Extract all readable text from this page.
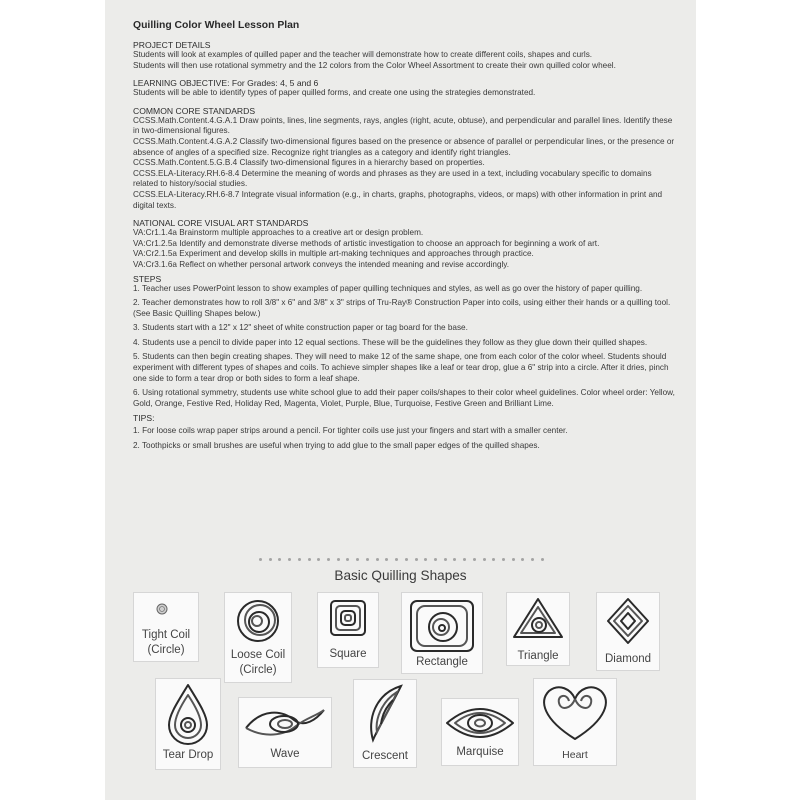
Quilling Color Wheel Lesson Plan
PROJECT DETAILS
Students will look at examples of quilled paper and the teacher will demonstrate how to create different coils, shapes and curls.
Students will then use rotational symmetry and the 12 colors from the Color Wheel Assortment to create their own quilled color wheel.
LEARNING OBJECTIVE: For Grades: 4, 5 and 6
Students will be able to identify types of paper quilled forms, and create one using the strategies demonstrated.
COMMON CORE STANDARDS
CCSS.Math.Content.4.G.A.1 Draw points, lines, line segments, rays, angles (right, acute, obtuse), and perpendicular and parallel lines. Identify these in two-dimensional figures.
CCSS.Math.Content.4.G.A.2 Classify two-dimensional figures based on the presence or absence of parallel or perpendicular lines, or the presence or absence of angles of a specified size. Recognize right triangles as a category and identify right triangles.
CCSS.Math.Content.5.G.B.4 Classify two-dimensional figures in a hierarchy based on properties.
CCSS.ELA-Literacy.RH.6-8.4 Determine the meaning of words and phrases as they are used in a text, including vocabulary specific to domains related to history/social studies.
CCSS.ELA-Literacy.RH.6-8.7 Integrate visual information (e.g., in charts, graphs, photographs, videos, or maps) with other information in print and digital texts.
NATIONAL CORE VISUAL ART STANDARDS
VA:Cr1.1.4a Brainstorm multiple approaches to a creative art or design problem.
VA:Cr1.2.5a Identify and demonstrate diverse methods of artistic investigation to choose an approach for beginning a work of art.
VA:Cr2.1.5a Experiment and develop skills in multiple art-making techniques and approaches through practice.
VA:Cr3.1.6a Reflect on whether personal artwork conveys the intended meaning and revise accordingly.
STEPS
1. Teacher uses PowerPoint lesson to show examples of paper quilling techniques and styles, as well as go over the history of paper quilling.
2. Teacher demonstrates how to roll 3/8" x 6" and 3/8" x 3" strips of Tru-Ray® Construction Paper into coils, using either their hands or a quilling tool. (See Basic Quilling Shapes below.)
3. Students start with a 12" x 12" sheet of white construction paper or tag board for the base.
4. Students use a pencil to divide paper into 12 equal sections. These will be the guidelines they follow as they glue down their quilled shapes.
5. Students can then begin creating shapes. They will need to make 12 of the same shape, one from each color of the color wheel. Students should experiment with different types of shapes and coils. To achieve simpler shapes like a leaf or tear drop, glue a 6" strip into a circle. After it dries, pinch one side to form a tear drop or both sides to form a leaf shape.
6. Using rotational symmetry, students use white school glue to add their paper coils/shapes to their color wheel guidelines. Color wheel order: Yellow, Gold, Orange, Festive Red, Holiday Red, Magenta, Violet, Purple, Blue, Turquoise, Festive Green and Brilliant Lime.
TIPS:
1. For loose coils wrap paper strips around a pencil. For tighter coils use just your fingers and start with a smaller center.
2. Toothpicks or small brushes are useful when trying to add glue to the small paper edges of the quilled shapes.
Basic Quilling Shapes
Tight Coil
(Circle)	Loose Coil
(Circle)
Square
Rectangle	Triangle	Diamond
Tear Drop	Wave	Crescent	Marquise	Heart
